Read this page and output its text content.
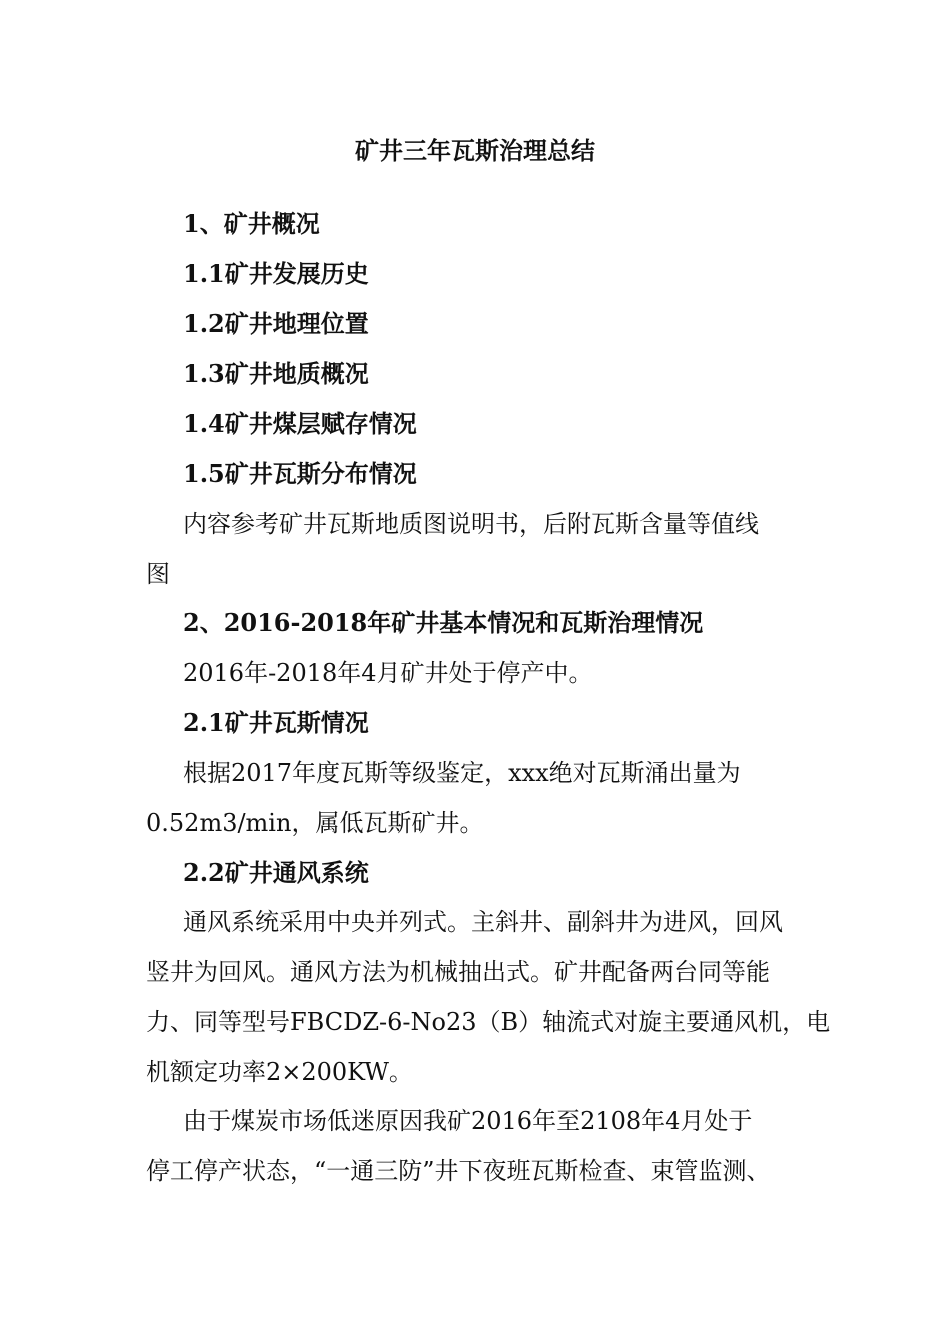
矿井三年瓦斯治理总结
1、矿井概况
1.1矿井发展历史
1.2矿井地理位置
1.3矿井地质概况
1.4矿井煤层赋存情况
1.5矿井瓦斯分布情况
内容参考矿井瓦斯地质图说明书，后附瓦斯含量等值线
图
2、2016-2018年矿井基本情况和瓦斯治理情况
2016年-2018年4月矿井处于停产中。
2.1矿井瓦斯情况
根据2017年度瓦斯等级鉴定，xxx绝对瓦斯涌出量为
0.52m3/min，属低瓦斯矿井。
2.2矿井通风系统
通风系统采用中央并列式。主斜井、副斜井为进风，回风
竖井为回风。通风方法为机械抽出式。矿井配备两台同等能
力、同等型号FBCDZ-6-No23（B）轴流式对旋主要通风机，电
机额定功率2×200KW。
由于煤炭市场低迷原因我矿2016年至2108年4月处于
停工停产状态，“一通三防”井下夜班瓦斯检查、束管监测、
